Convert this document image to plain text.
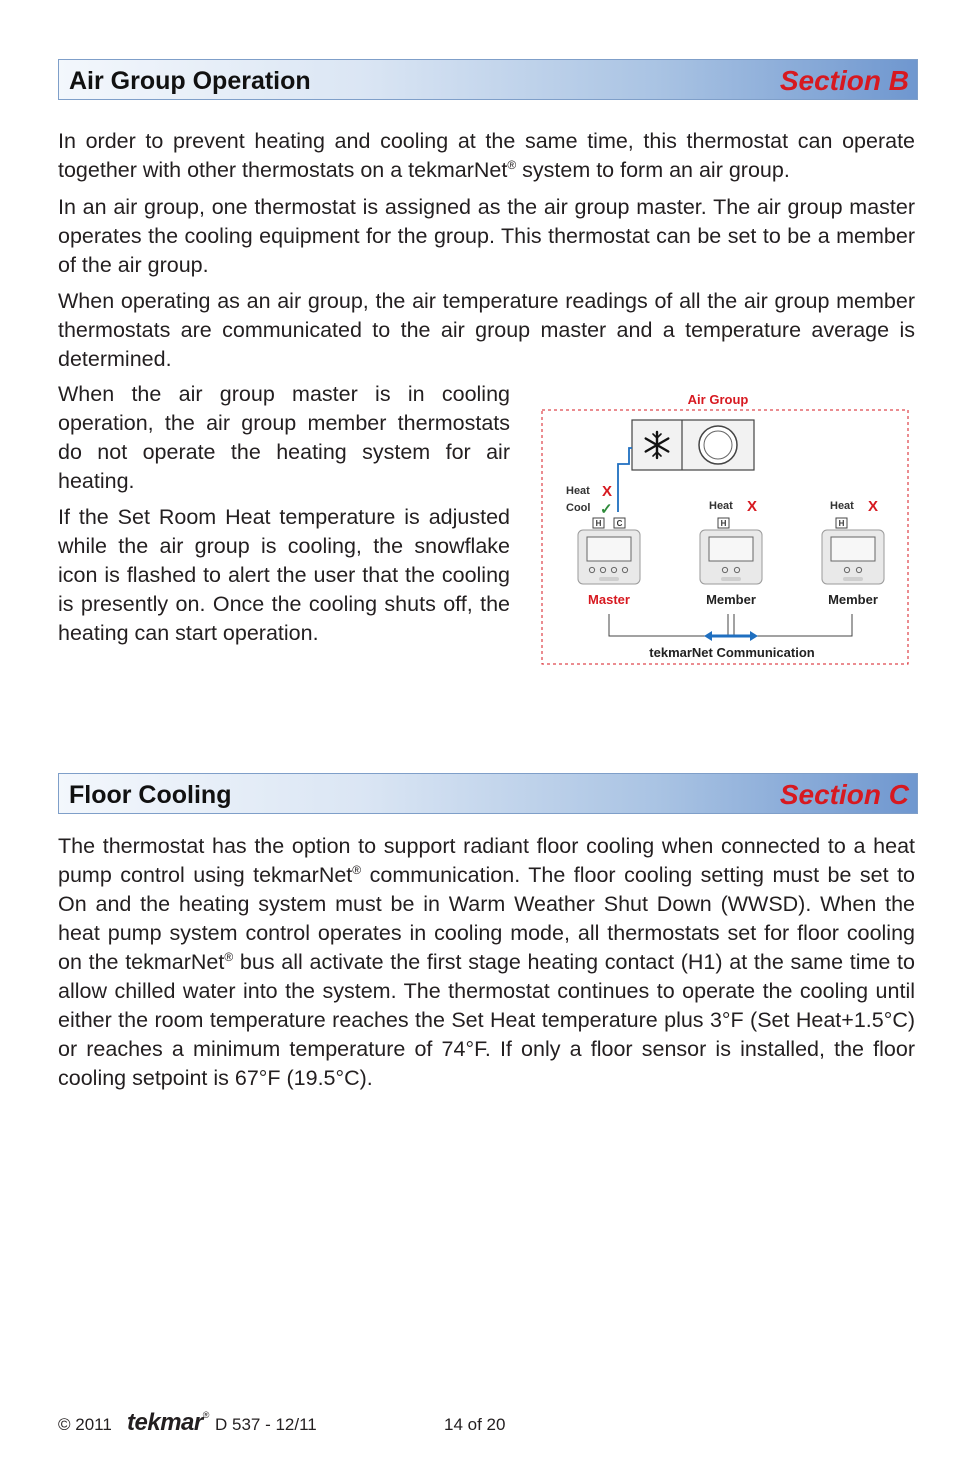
Air Group Operation	Section B

In order to prevent heating and cooling at the same time, this thermostat can operate together with other thermostats on a tekmarNet® system to form an air group.

In an air group, one thermostat is assigned as the air group master. The air group master operates the cooling equipment for the group. This thermostat can be set to be a member of the air group.

When operating as an air group, the air temperature readings of all the air group member thermostats are communicated to the air group master and a temperature average is determined.

When the air group master is in cooling operation, the air group member thermostats do not operate the heating system for air heating.

If the Set Room Heat temperature is adjusted while the air group is cooling, the snowflake icon is flashed to alert the user that the cooling is presently on. Once the cooling shuts off, the heating can start operation.

Air Group
Heat
Cool
X
✓
H C
Master
Heat X
H
Member
Heat X
H
Member
tekmarNet Communication
Floor Cooling	Section C

The thermostat has the option to support radiant floor cooling when connected to a heat pump control using tekmarNet® communication. The floor cooling setting must be set to On and the heating system must be in Warm Weather Shut Down (WWSD). When the heat pump system control operates in cooling mode, all thermostats set for floor cooling on the tekmarNet® bus all activate the first stage heating contact (H1) at the same time to allow chilled water into the system. The thermostat continues to operate the cooling until either the room temperature reaches the Set Heat temperature plus 3°F (Set Heat+1.5°C) or reaches a minimum temperature of 74°F. If only a floor sensor is installed, the floor cooling setpoint is 67°F (19.5°C).

© 2011 tekmar® D 537 - 12/11	14 of 20
